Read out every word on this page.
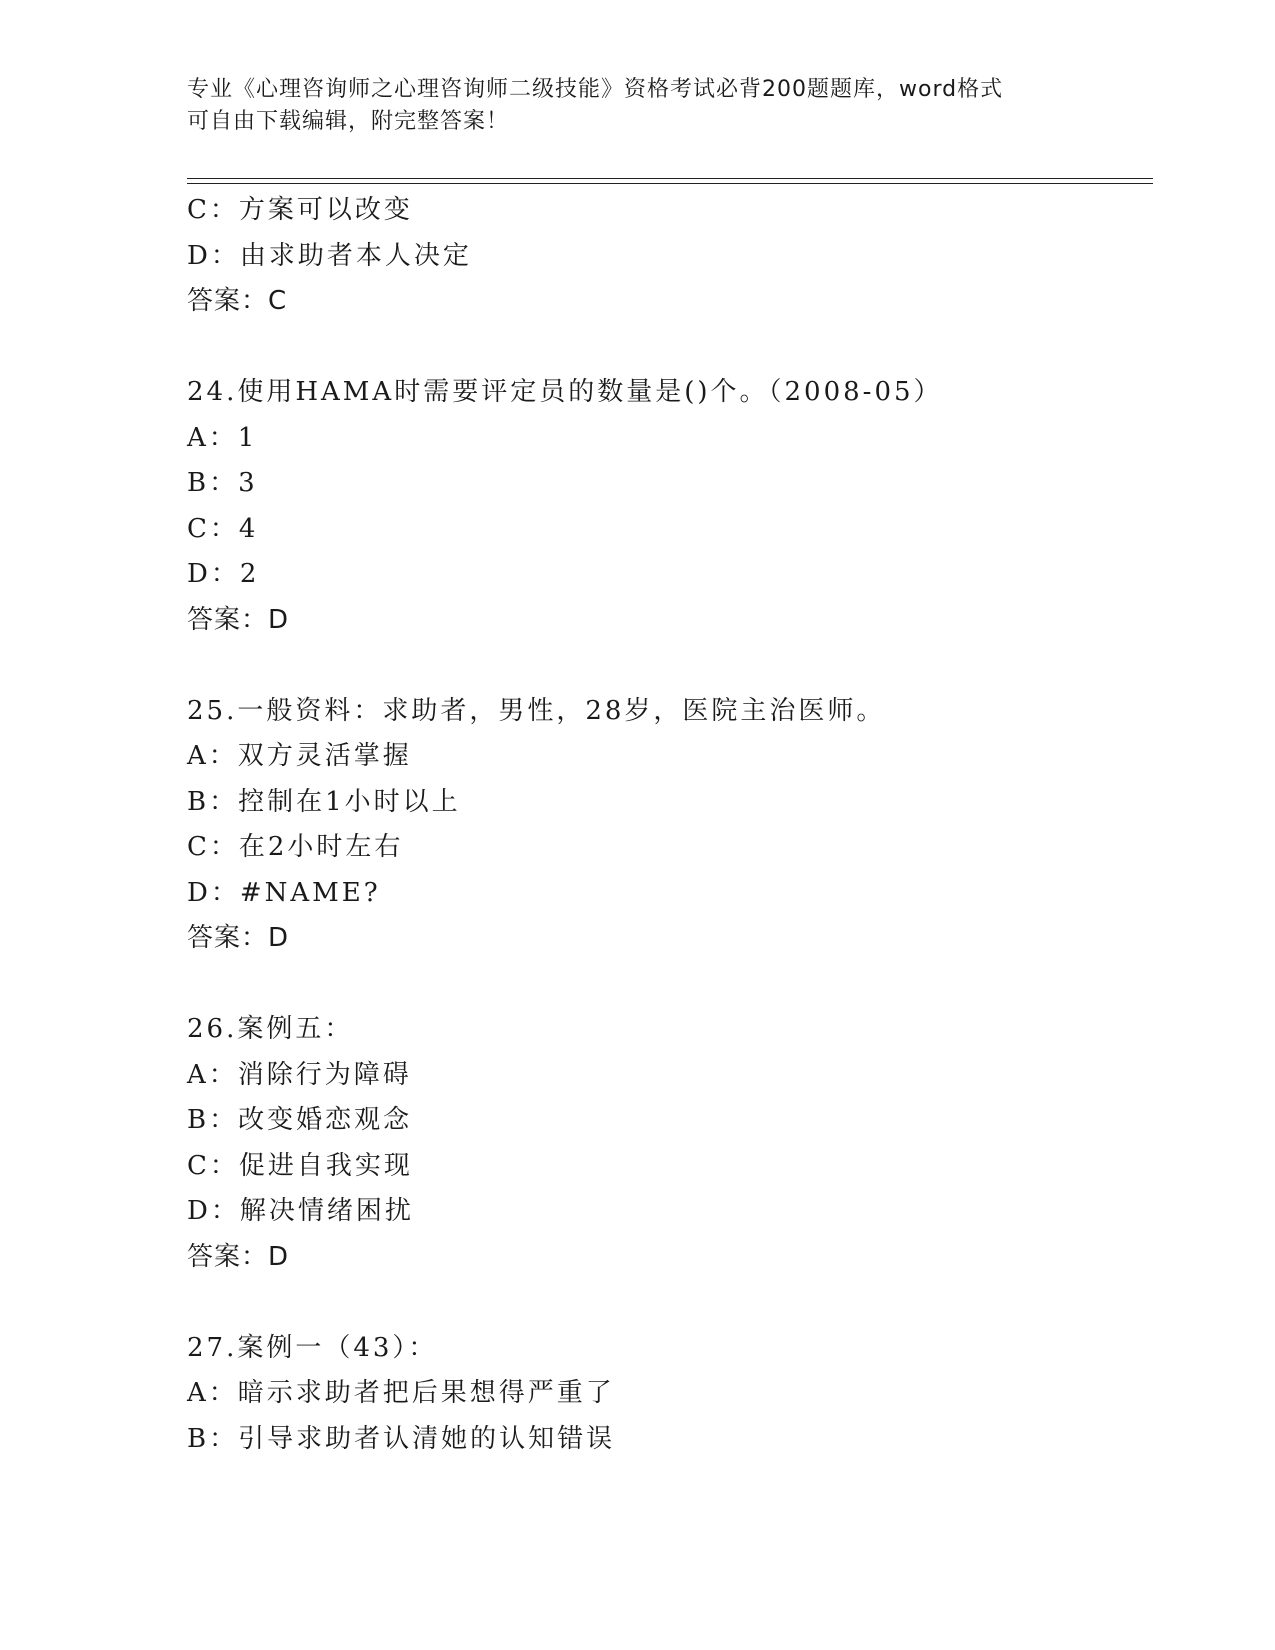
专业《心理咨询师之心理咨询师二级技能》资格考试必背200题题库，word格式
可自由下载编辑，附完整答案！
C：方案可以改变
D：由求助者本人决定
答案：C
24.使用HAMA时需要评定员的数量是()个。（2008-05）
A：1
B：3
C：4
D：2
答案：D
25.一般资料：求助者，男性，28岁，医院主治医师。
A：双方灵活掌握
B：控制在1小时以上
C：在2小时左右
D：#NAME?
答案：D
26.案例五：
A：消除行为障碍
B：改变婚恋观念
C：促进自我实现
D：解决情绪困扰
答案：D
27.案例一（43）：
A：暗示求助者把后果想得严重了
B：引导求助者认清她的认知错误
